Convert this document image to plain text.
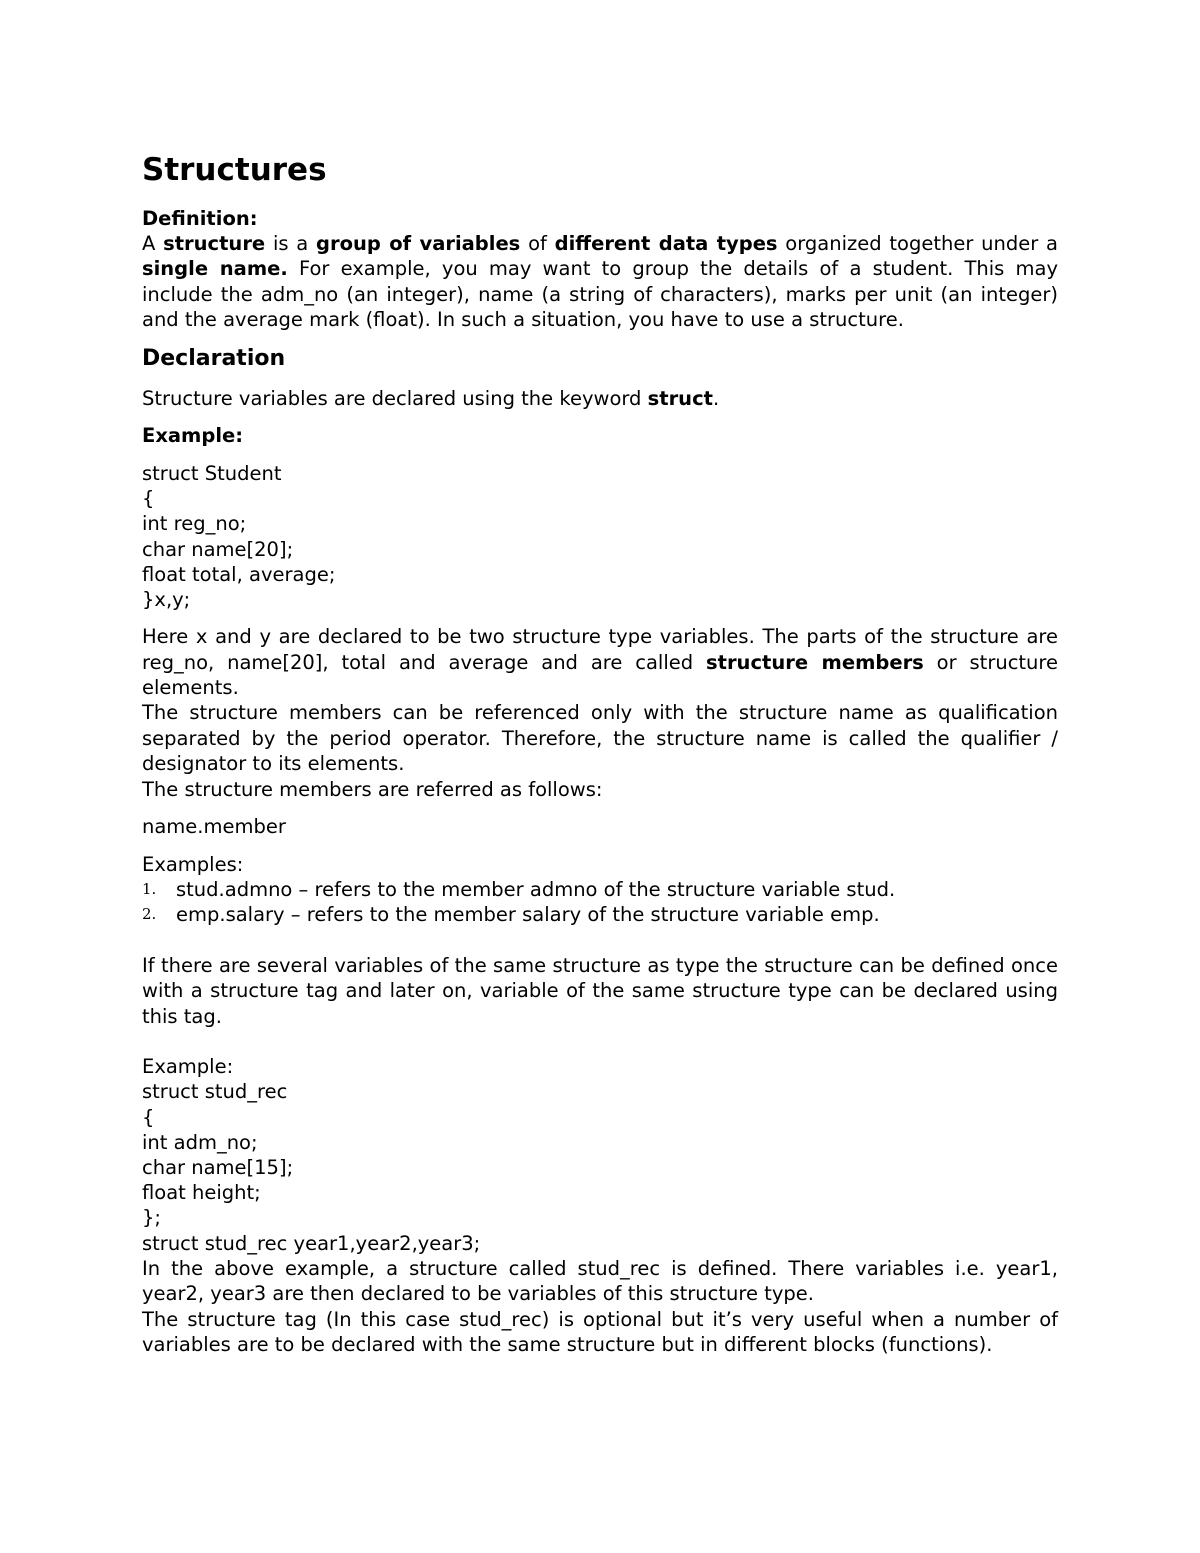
Structures

Definition:

A structure is a group of variables of different data types organized together under a single name. For example, you may want to group the details of a student. This may include the adm_no (an integer), name (a string of characters), marks per unit (an integer) and the average mark (float). In such a situation, you have to use a structure.

Declaration

Structure variables are declared using the keyword struct.

Example:

struct Student
{
int reg_no;
char name[20];
float total, average;
}x,y;

Here x and y are declared to be two structure type variables. The parts of the structure are reg_no, name[20], total and average and are called structure members or structure elements.

The structure members can be referenced only with the structure name as qualification separated by the period operator. Therefore, the structure name is called the qualifier / designator to its elements.

The structure members are referred as follows:

name.member

Examples:

1. stud.admno – refers to the member admno of the structure variable stud.
2. emp.salary – refers to the member salary of the structure variable emp.

If there are several variables of the same structure as type the structure can be defined once with a structure tag and later on, variable of the same structure type can be declared using this tag.

Example:

struct stud_rec
{
int adm_no;
char name[15];
float height;
};
struct stud_rec year1,year2,year3;

In the above example, a structure called stud_rec is defined. There variables i.e. year1, year2, year3 are then declared to be variables of this structure type.

The structure tag (In this case stud_rec) is optional but it’s very useful when a number of variables are to be declared with the same structure but in different blocks (functions).
